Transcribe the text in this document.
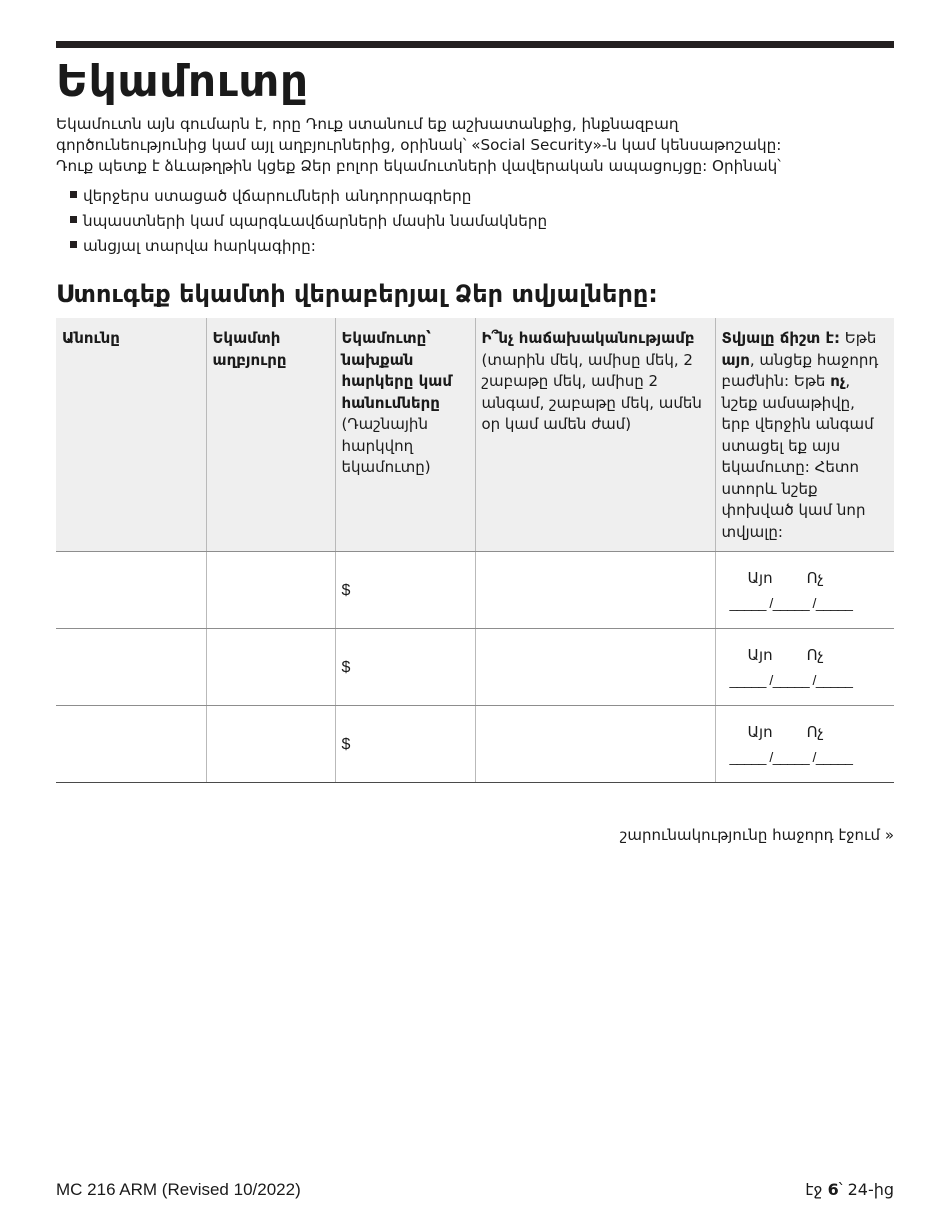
Եկամուտը

Եկամուտն այն գումարն է, որը Դուք ստանում եք աշխատանքից, ինքնազբաղ
գործունեությունից կամ այլ աղբյուրներից, օրինակ՝ «Social Security»-ն կամ կենսաթոշակը:
Դուք պետք է ձևաթղթին կցեք Ձեր բոլոր եկամուտների վավերական ապացույցը: Օրինակ՝

վերջերս ստացած վճարումների անդորրագրերը
նպաստների կամ պարգևավճարների մասին նամակները
անցյալ տարվա հարկագիրը:
Ստուգեք եկամտի վերաբերյալ Ձեր տվյալները:
Անունը	Եկամտի աղբյուրը	Եկամուտը՝ նախքան հարկերը կամ հանումները (Դաշնային հարկվող եկամուտը)	Ի՞նչ հաճախականությամբ (տարին մեկ, ամիսը մեկ, 2 շաբաթը մեկ, ամիսը 2 անգամ, շաբաթը մեկ, ամեն օր կամ ամեն ժամ)	Տվյալը ճիշտ է: Եթե այո, անցեք հաջորդ բաժնին: Եթե ոչ, նշեք ամսաթիվը, երբ վերջին անգամ ստացել եք այս եկամուտը: Հետո ստորև նշեք փոխված կամ նոր տվյալը:
		$		Այո Ոչ
_____ /_____ /_____

		$		Այո Ոչ
_____ /_____ /_____

		$		Այո Ոչ
_____ /_____ /_____

շարունակությունը հաջորդ էջում »

MC 216 ARM (Revised 10/2022)	էջ 6՝ 24-ից
